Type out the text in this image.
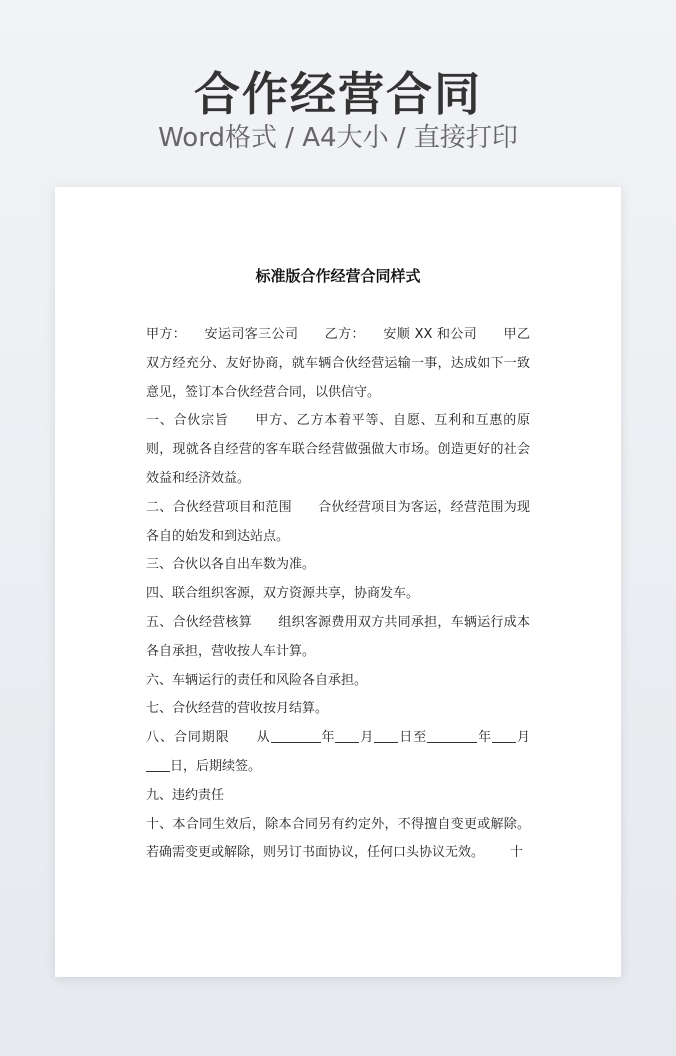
合作经营合同
Word格式 / A4大小 / 直接打印
标准版合作经营合同样式

甲方： 安运司客三公司 乙方： 安顺 XX 和公司 甲乙双方经充分、友好协商，就车辆合伙经营运输一事，达成如下一致意见，签订本合伙经营合同，以供信守。

一、合伙宗旨 甲方、乙方本着平等、自愿、互利和互惠的原则，现就各自经营的客车联合经营做强做大市场。创造更好的社会效益和经济效益。

二、合伙经营项目和范围 合伙经营项目为客运，经营范围为现各自的始发和到达站点。

三、合伙以各自出车数为准。

四、联合组织客源，双方资源共享，协商发车。

五、合伙经营核算 组织客源费用双方共同承担，车辆运行成本各自承担，营收按人车计算。

六、车辆运行的责任和风险各自承担。

七、合伙经营的营收按月结算。

八、合同期限 从	年 月 日至	年 月日，后期续签。

九、违约责任

十、本合同生效后，除本合同另有约定外，不得擅自变更或解除。若确需变更或解除，则另订书面协议，任何口头协议无效。 十
